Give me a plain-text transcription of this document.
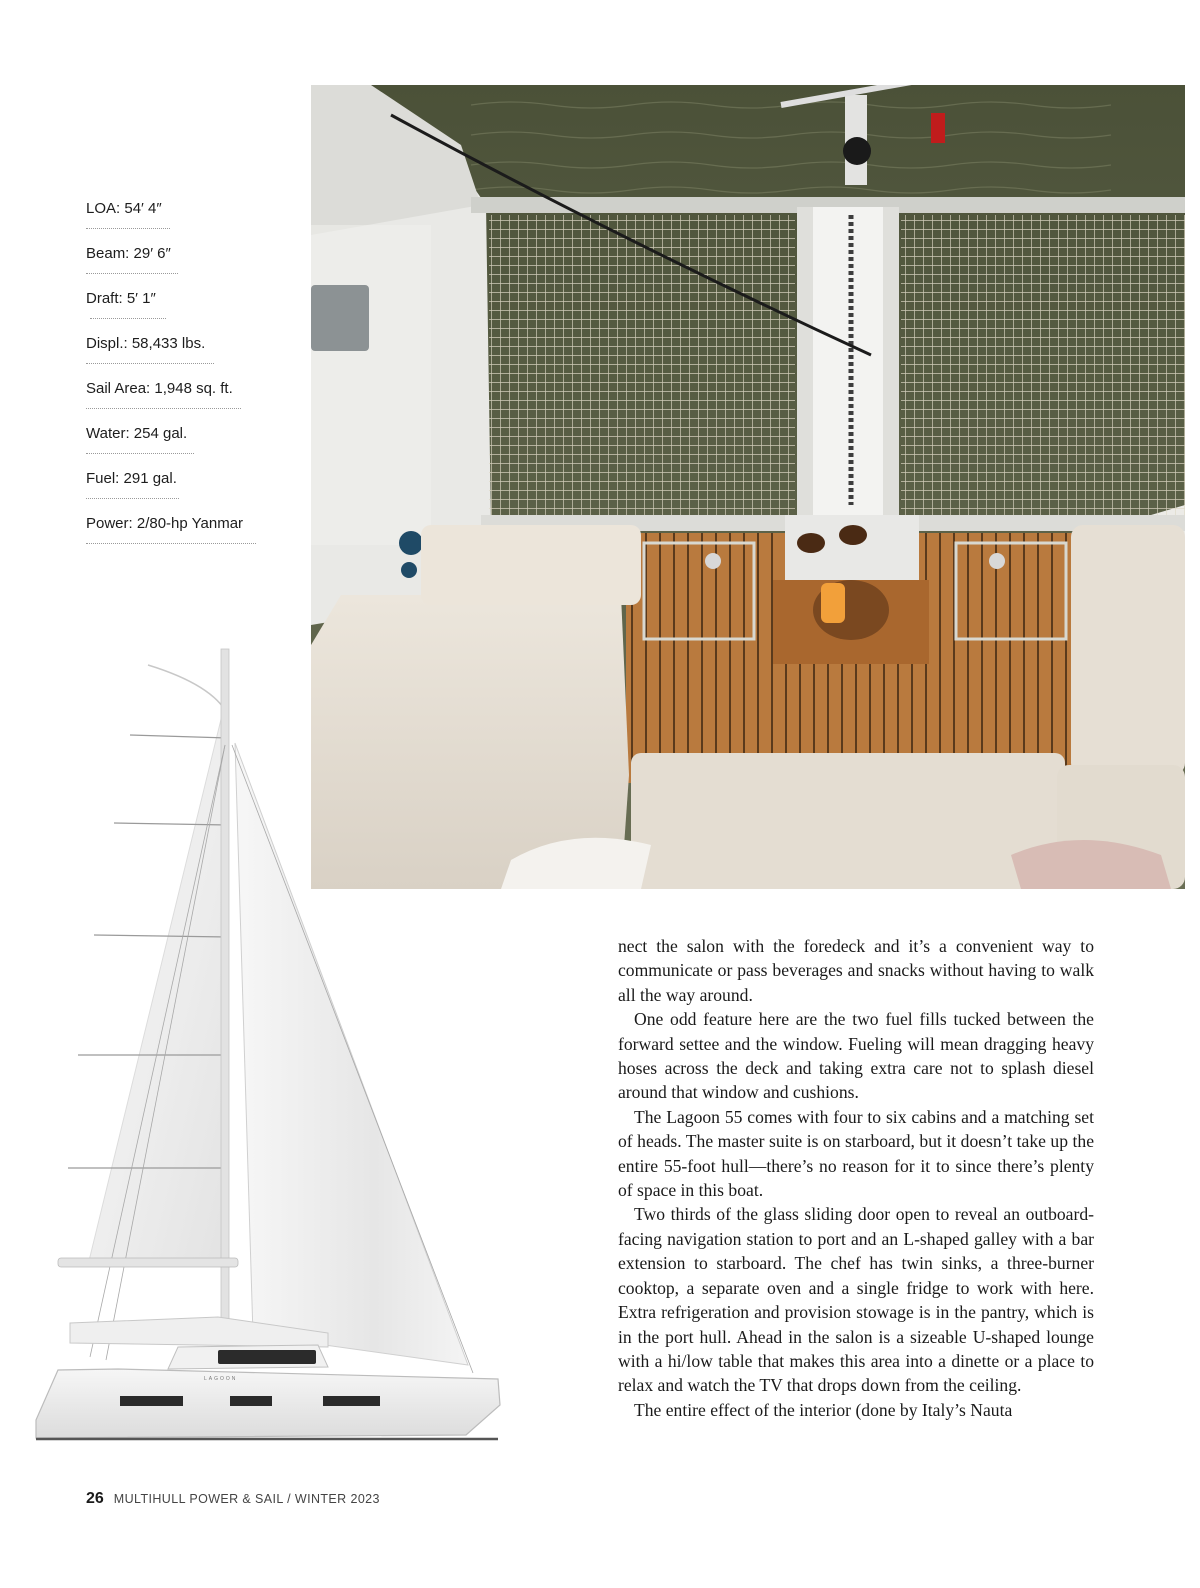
LOA: 54′ 4″
Beam: 29′ 6″
Draft: 5′ 1″
Displ.: 58,433 lbs.
Sail Area: 1,948 sq. ft.
Water: 254 gal.
Fuel: 291 gal.
Power: 2/80-hp Yanmar
LAGOON

nect the salon with the foredeck and it’s a convenient way to communicate or pass beverages and snacks without having to walk all the way around.

One odd feature here are the two fuel fills tucked between the forward settee and the window. Fueling will mean dragging heavy hoses across the deck and taking extra care not to splash diesel around that window and cushions.

The Lagoon 55 comes with four to six cabins and a matching set of heads. The master suite is on starboard, but it doesn’t take up the entire 55-foot hull—there’s no reason for it to since there’s plenty of space in this boat.

Two thirds of the glass sliding door open to reveal an outboard-facing navigation station to port and an L-shaped galley with a bar extension to starboard. The chef has twin sinks, a three-burner cooktop, a separate oven and a single fridge to work with here. Extra refrigeration and provision stowage is in the pantry, which is in the port hull. Ahead in the salon is a sizeable U-shaped lounge with a hi/low table that makes this area into a dinette or a place to relax and watch the TV that drops down from the ceiling.

The entire effect of the interior (done by Italy’s Nauta

26 MULTIHULL POWER & SAIL / WINTER 2023
